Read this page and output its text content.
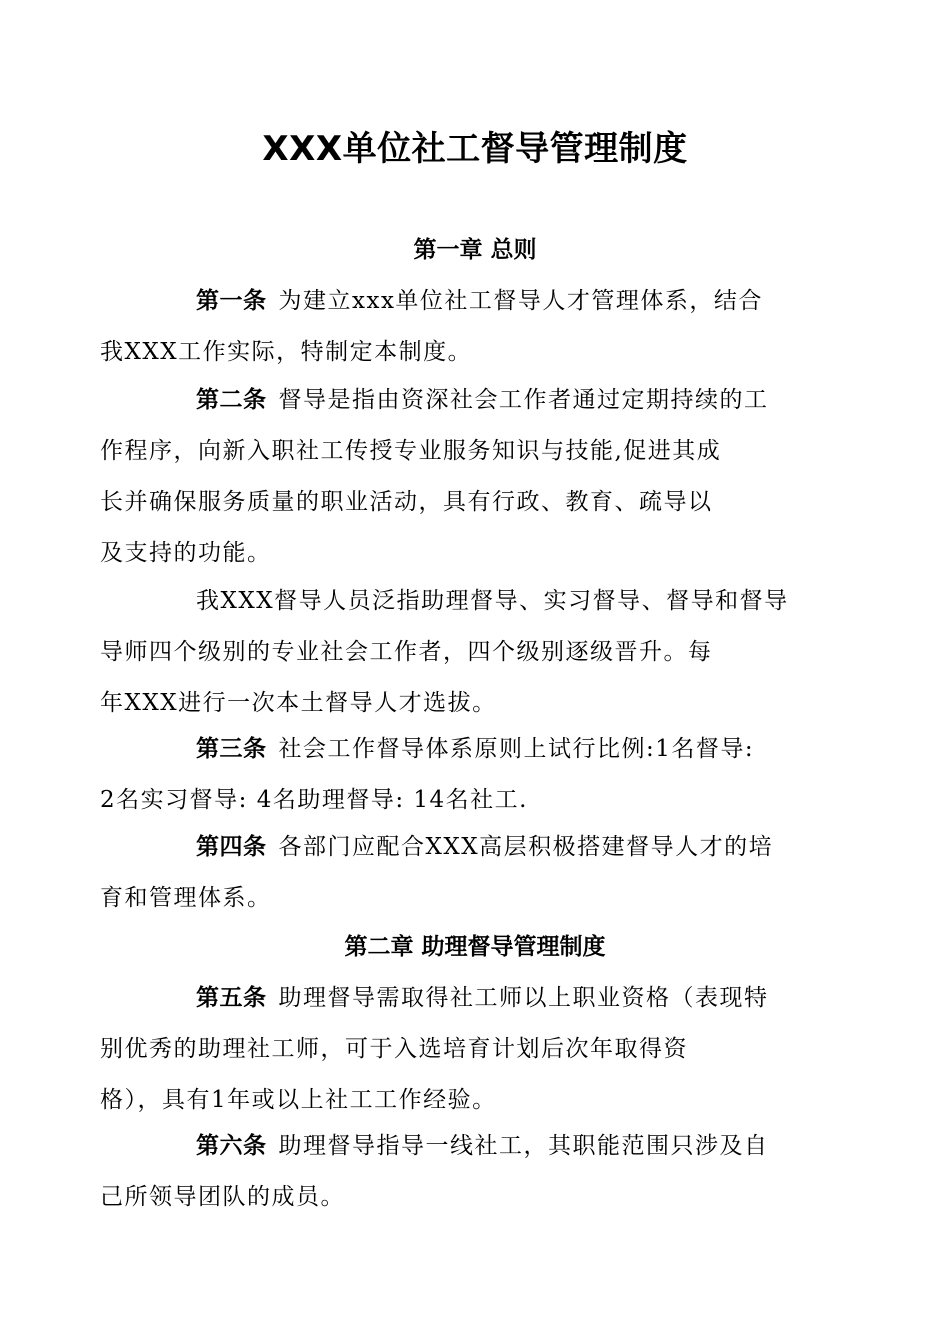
XXX单位社工督导管理制度
第一章 总则

第一条 为建立xxx单位社工督导人才管理体系，结合
我XXX工作实际，特制定本制度。

第二条 督导是指由资深社会工作者通过定期持续的工
作程序，向新入职社工传授专业服务知识与技能,促进其成
长并确保服务质量的职业活动，具有行政、教育、疏导以
及支持的功能。

我XXX督导人员泛指助理督导、实习督导、督导和督导
导师四个级别的专业社会工作者，四个级别逐级晋升。每
年XXX进行一次本土督导人才选拔。

第三条 社会工作督导体系原则上试行比例:1名督导:
2名实习督导: 4名助理督导: 14名社工.

第四条 各部门应配合XXX高层积极搭建督导人才的培
育和管理体系。

第二章 助理督导管理制度

第五条 助理督导需取得社工师以上职业资格（表现特
别优秀的助理社工师，可于入选培育计划后次年取得资
格），具有1年或以上社工工作经验。

第六条 助理督导指导一线社工，其职能范围只涉及自
己所领导团队的成员。
